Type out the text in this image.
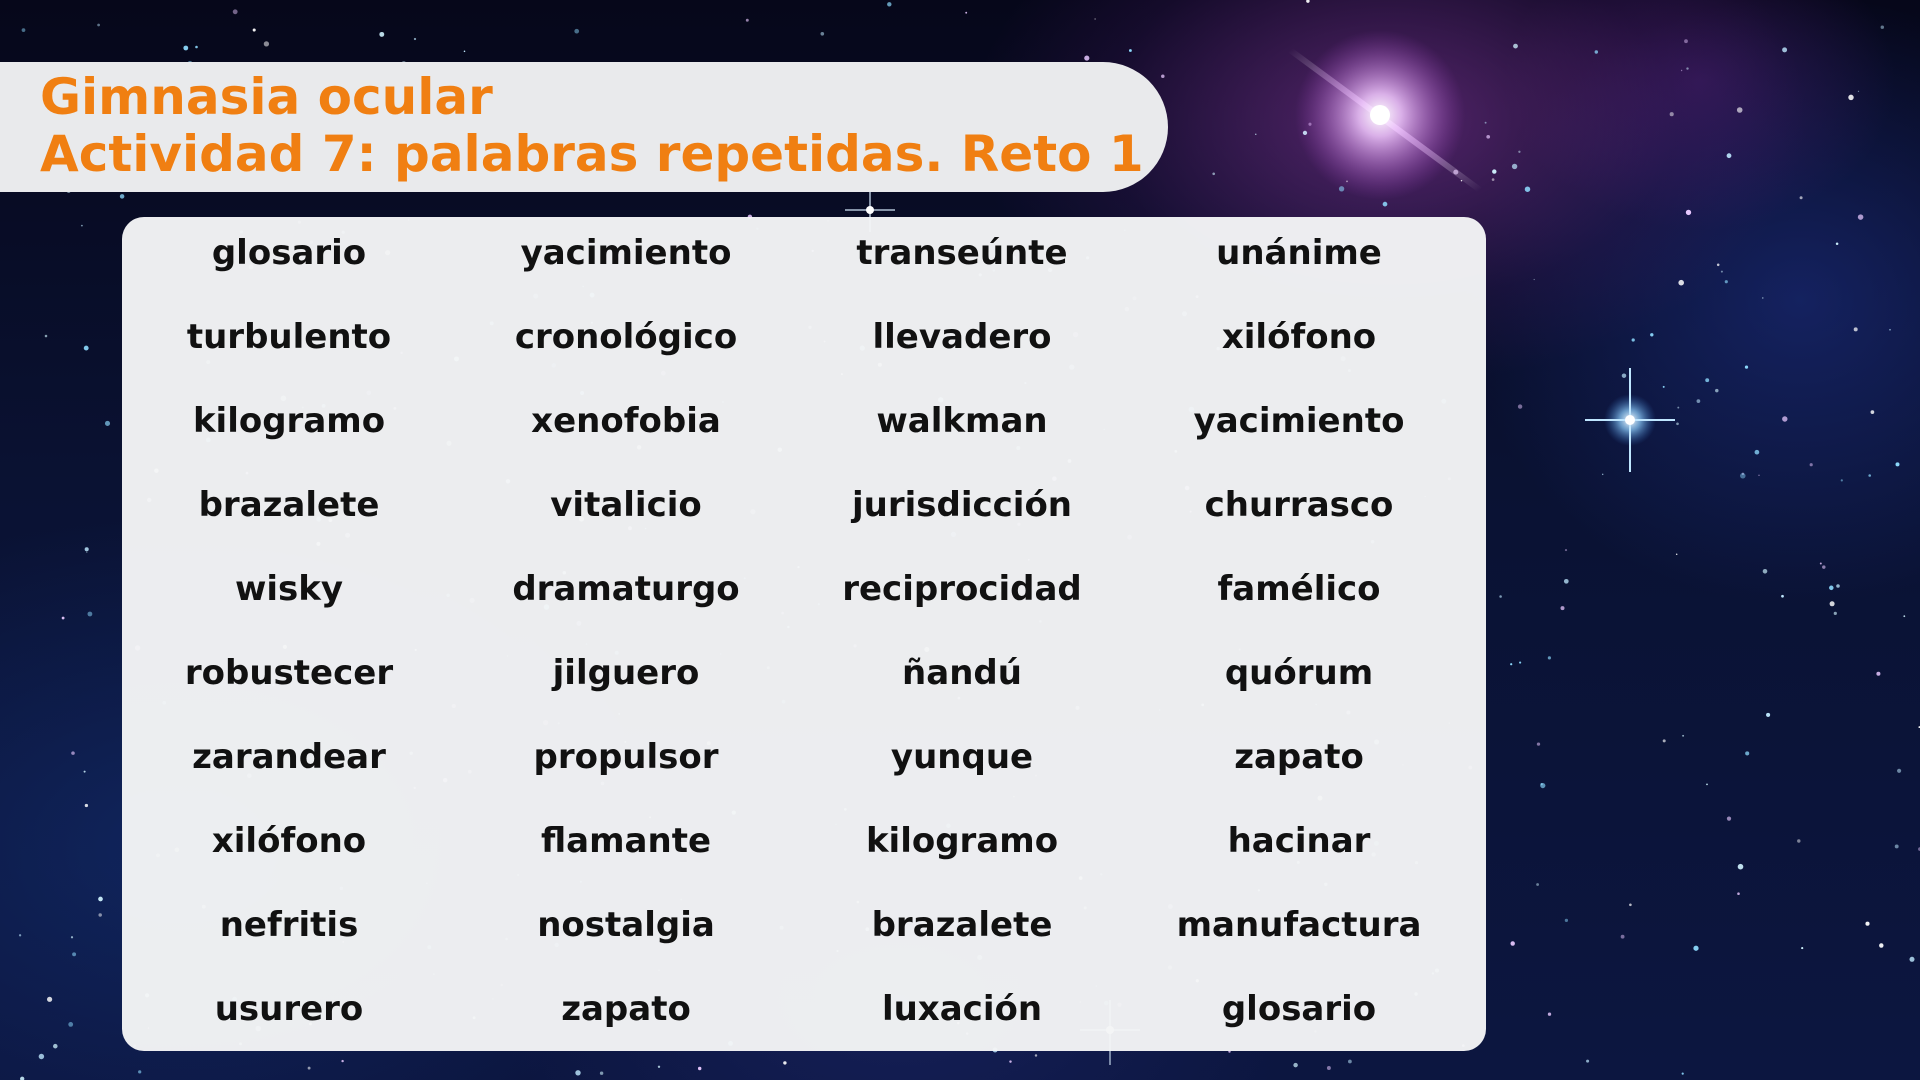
Gimnasia ocular
Actividad 7: palabras repetidas. Reto 1
glosario
turbulento
kilogramo
brazalete
wisky
robustecer
zarandear
xilófono
nefritis
usurero
yacimiento
cronológico
xenofobia
vitalicio
dramaturgo
jilguero
propulsor
flamante
nostalgia
zapato
transeúnte
llevadero
walkman
jurisdicción
reciprocidad
ñandú
yunque
kilogramo
brazalete
luxación
unánime
xilófono
yacimiento
churrasco
famélico
quórum
zapato
hacinar
manufactura
glosario
